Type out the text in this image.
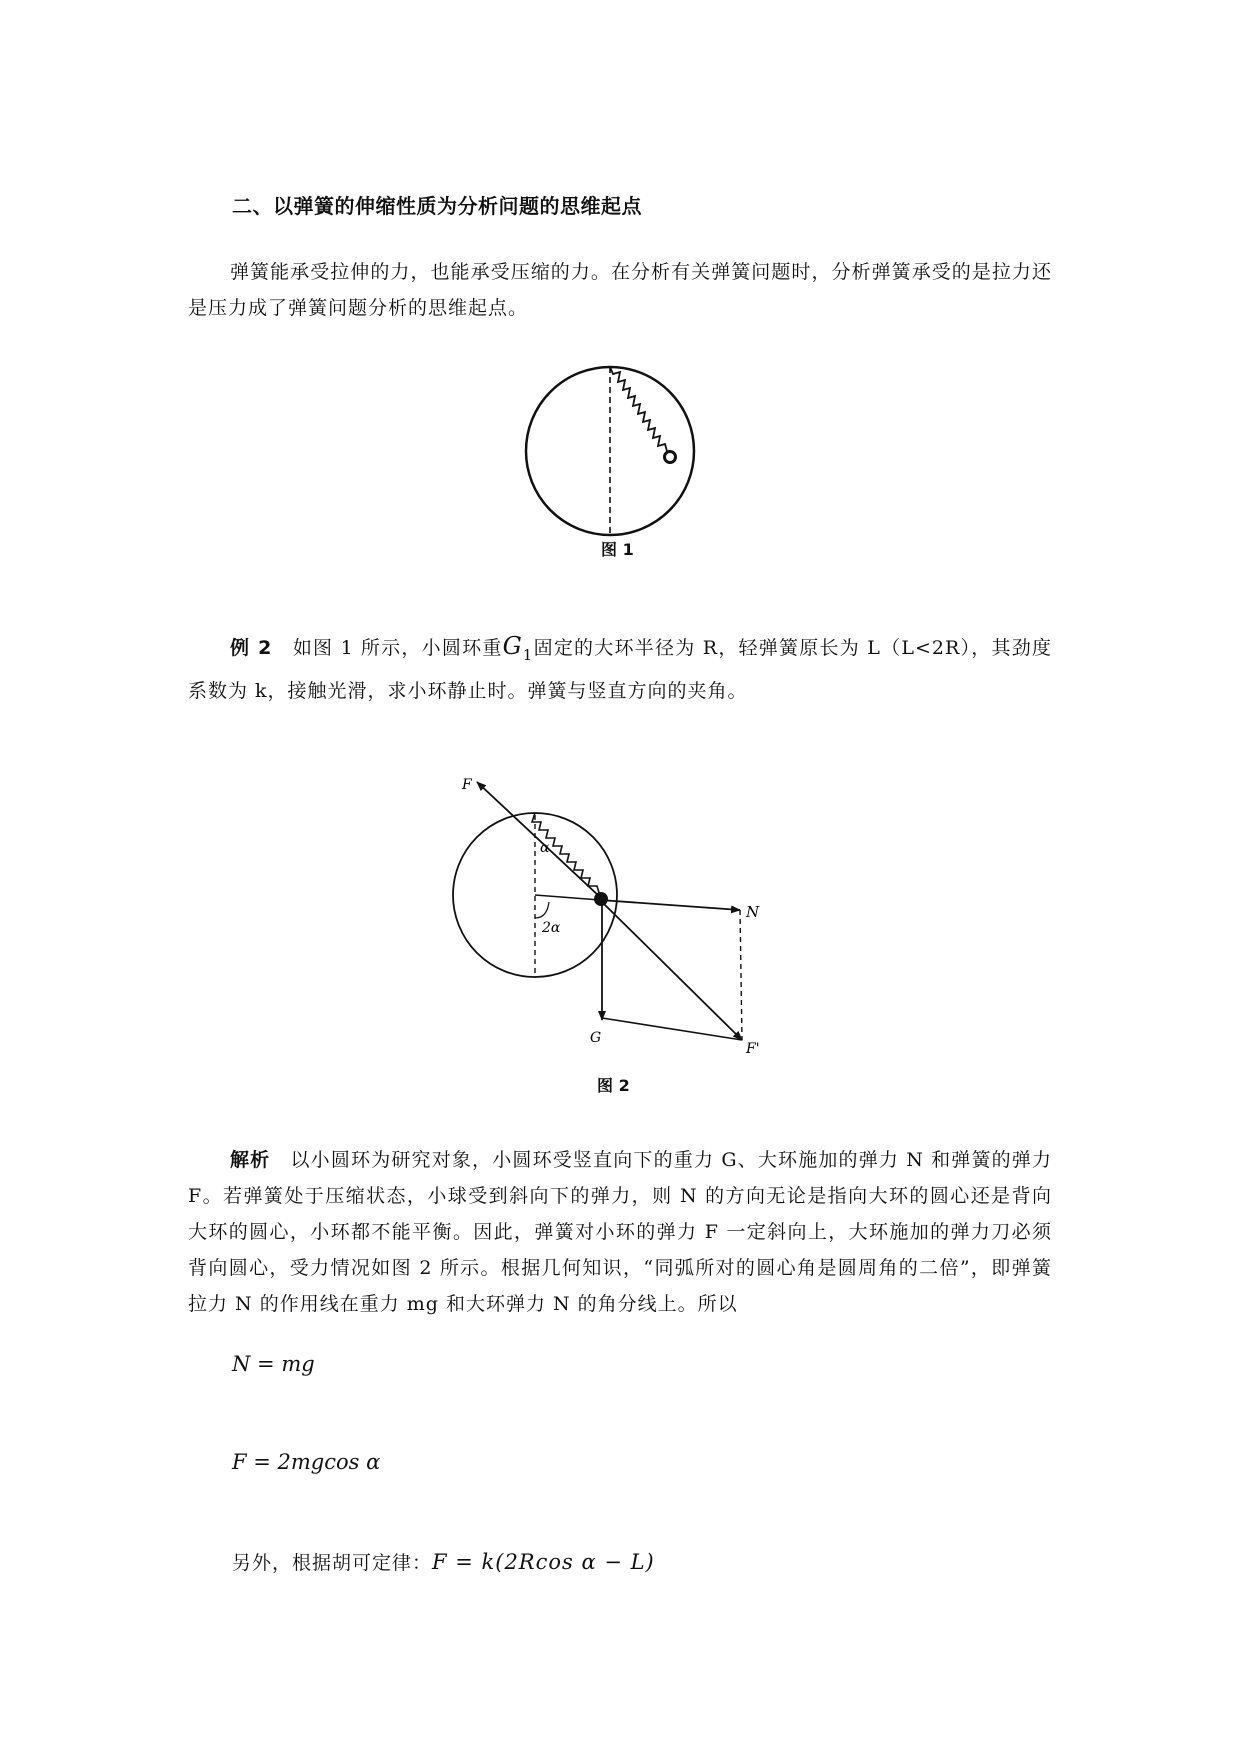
二、以弹簧的伸缩性质为分析问题的思维起点
弹簧能承受拉伸的力，也能承受压缩的力。在分析有关弹簧问题时，分析弹簧承受的是拉力还是压力成了弹簧问题分析的思维起点。
图 1
例 2　 如图 1 所示，小圆环重$G_1$固定的大环半径为 R，轻弹簧原长为 L（L<2R），其劲度系数为 k，接触光滑，求小环静止时。弹簧与竖直方向的夹角。
F
α
2α
N
G
F'
图 2
解析　 以小圆环为研究对象，小圆环受竖直向下的重力 G、大环施加的弹力 N 和弹簧的弹力 F。若弹簧处于压缩状态，小球受到斜向下的弹力，则 N 的方向无论是指向大环的圆心还是背向大环的圆心，小环都不能平衡。因此，弹簧对小环的弹力 F 一定斜向上，大环施加的弹力刀必须背向圆心，受力情况如图 2 所示。根据几何知识，“同弧所对的圆心角是圆周角的二倍”，即弹簧拉力 N 的作用线在重力 mg 和大环弹力 N 的角分线上。所以
N = mg
F = 2mgcos α
另外，根据胡可定律：F = k(2Rcos α − L)
